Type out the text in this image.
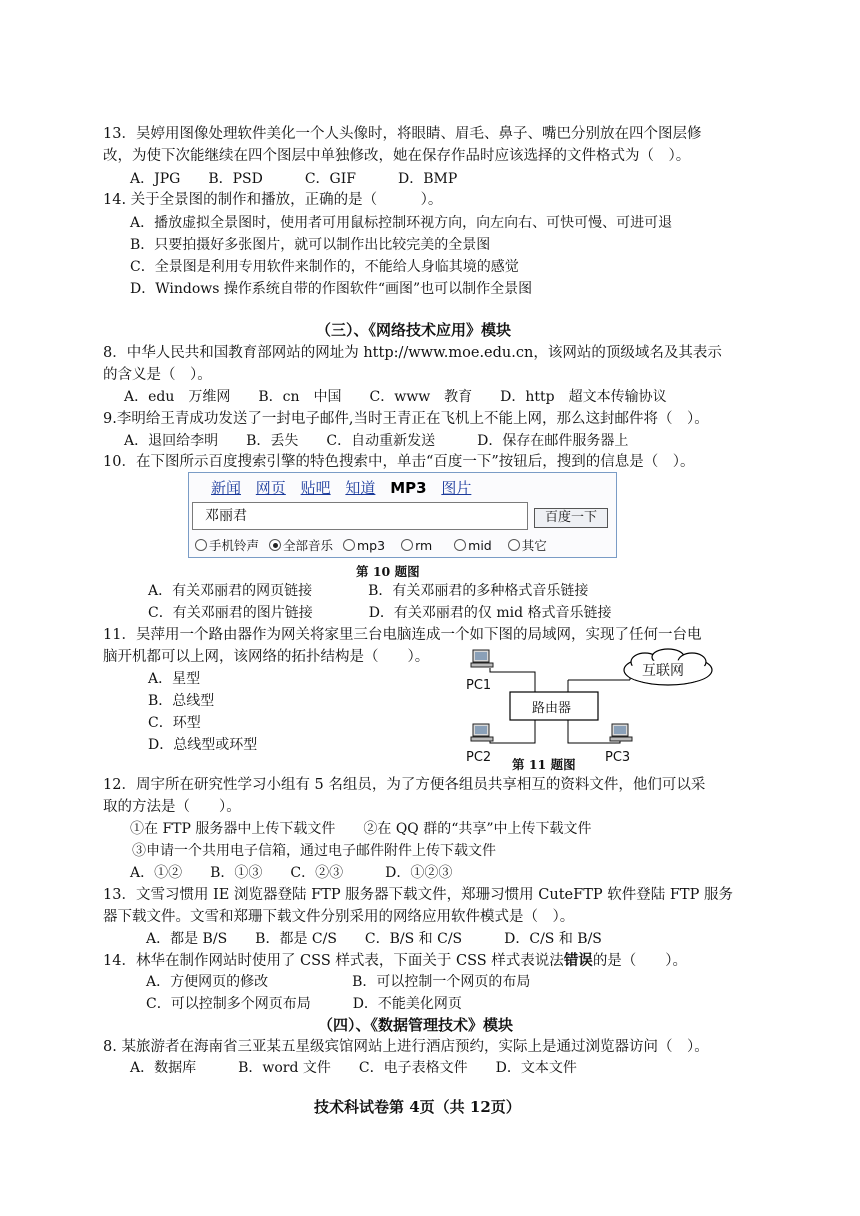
13．吴婷用图像处理软件美化一个人头像时，将眼睛、眉毛、鼻子、嘴巴分别放在四个图层修
改，为使下次能继续在四个图层中单独修改，她在保存作品时应该选择的文件格式为（　）。
A．JPG　　B．PSD　　　C．GIF　　　D．BMP
14. 关于全景图的制作和播放，正确的是（　　　）。
A．播放虚拟全景图时，使用者可用鼠标控制环视方向，向左向右、可快可慢、可进可退
B．只要拍摄好多张图片，就可以制作出比较完美的全景图
C．全景图是利用专用软件来制作的，不能给人身临其境的感觉
D．Windows 操作系统自带的作图软件“画图”也可以制作全景图
（三）、《网络技术应用》模块
8．中华人民共和国教育部网站的网址为 http://www.moe.edu.cn，该网站的顶级域名及其表示
的含义是（　）。
A．edu　万维网　　B．cn　中国　　C．www　教育　　D．http　超文本传输协议
9.李明给王青成功发送了一封电子邮件,当时王青正在飞机上不能上网，那么这封邮件将（　）。
A．退回给李明　　B．丢失　　C．自动重新发送　　　D．保存在邮件服务器上
10．在下图所示百度搜索引擎的特色搜索中，单击“百度一下”按钮后，搜到的信息是（　）。
新闻 网页 贴吧 知道 MP3 图片
邓丽君	百度一下
手机铃声 全部音乐 mp3 rm	mid 其它
第 10 题图
A．有关邓丽君的网页链接　　　　B．有关邓丽君的多种格式音乐链接
C．有关邓丽君的图片链接　　　　D．有关邓丽君的仅 mid 格式音乐链接
11．吴萍用一个路由器作为网关将家里三台电脑连成一个如下图的局域网，实现了任何一台电
脑开机都可以上网，该网络的拓扑结构是（　　）。
A．星型
B．总线型
C．环型
D．总线型或环型
PC1
PC2	PC3
路由器
互联网
第 11 题图
12．周宇所在研究性学习小组有 5 名组员，为了方便各组员共享相互的资料文件，他们可以采
取的方法是（　　）。
①在 FTP 服务器中上传下载文件　　②在 QQ 群的“共享”中上传下载文件
③申请一个共用电子信箱，通过电子邮件附件上传下载文件
A．①②　　B．①③　　C．②③　　　D．①②③
13．文雪习惯用 IE 浏览器登陆 FTP 服务器下载文件，郑珊习惯用 CuteFTP 软件登陆 FTP 服务
器下载文件。文雪和郑珊下载文件分别采用的网络应用软件模式是（　）。
A．都是 B/S　　B．都是 C/S　　C．B/S 和 C/S　　　D．C/S 和 B/S
14．林华在制作网站时使用了 CSS 样式表，下面关于 CSS 样式表说法错误的是（　　）。
A．方便网页的修改　　　　　　B．可以控制一个网页的布局
C．可以控制多个网页布局　　　D．不能美化网页
（四）、《数据管理技术》模块
8. 某旅游者在海南省三亚某五星级宾馆网站上进行酒店预约，实际上是通过浏览器访问（　）。
A．数据库　　　B．word 文件　　C．电子表格文件　　D．文本文件
技术科试卷第 4页（共 12页）
